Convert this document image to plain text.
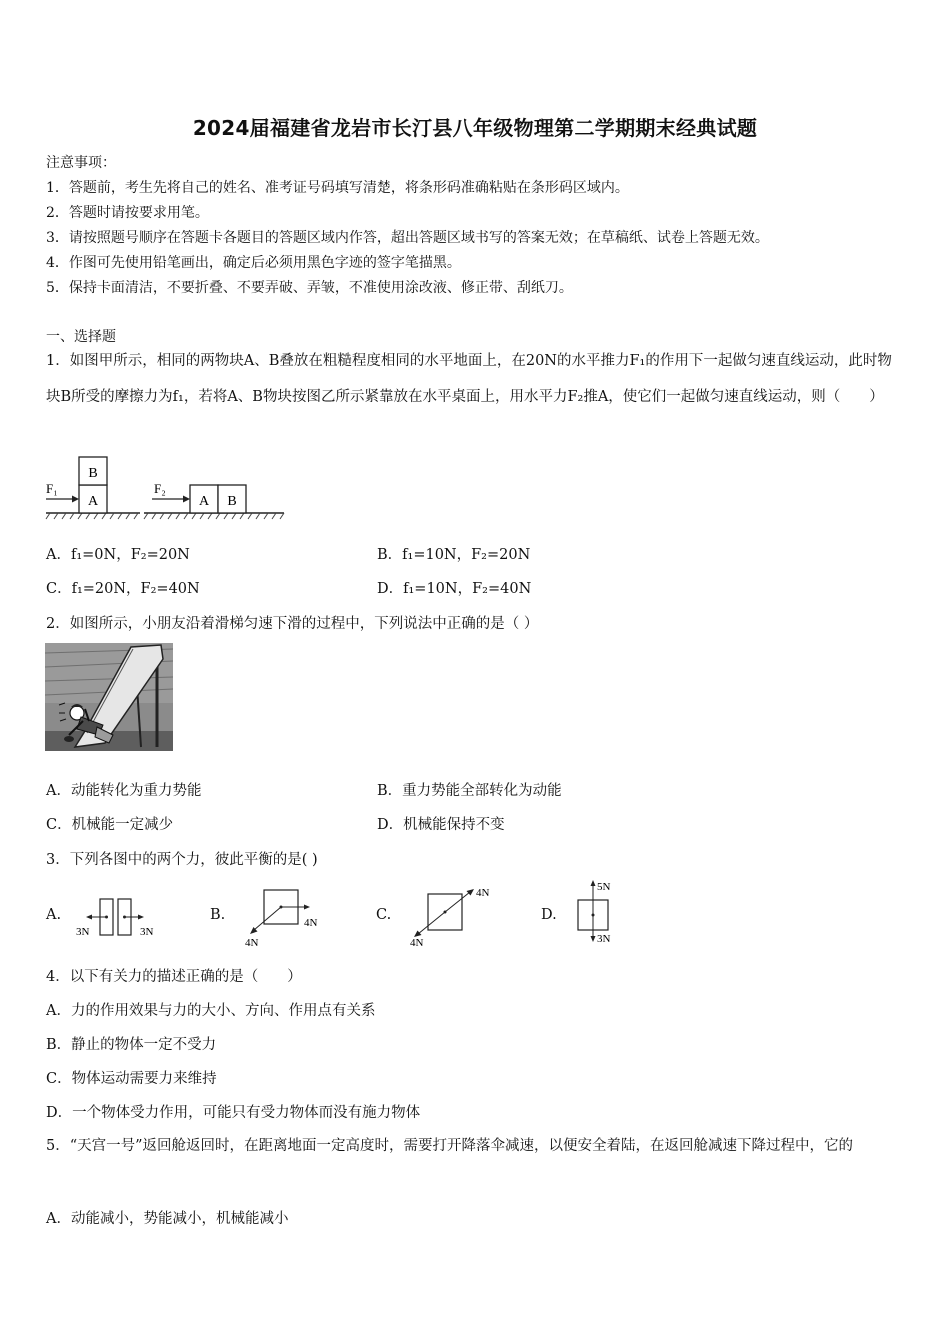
2024届福建省龙岩市长汀县八年级物理第二学期期末经典试题
注意事项：
1．答题前，考生先将自己的姓名、准考证号码填写清楚，将条形码准确粘贴在条形码区域内。
2．答题时请按要求用笔。
3．请按照题号顺序在答题卡各题目的答题区域内作答，超出答题区域书写的答案无效；在草稿纸、试卷上答题无效。
4．作图可先使用铅笔画出，确定后必须用黑色字迹的签字笔描黑。
5．保持卡面清洁，不要折叠、不要弄破、弄皱，不准使用涂改液、修正带、刮纸刀。
一、选择题
1．如图甲所示，相同的两物块A、B叠放在粗糙程度相同的水平地面上，在20N的水平推力F₁的作用下一起做匀速直线运动，此时物块B所受的摩擦力为f₁，若将A、B物块按图乙所示紧靠放在水平桌面上，用水平力F₂推A，使它们一起做匀速直线运动，则（　　）
A
B
F₁
A B
F₂
A．f₁=0N，F₂=20N	B．f₁=10N，F₂=20N
C．f₁=20N，F₂=40N	D．f₁=10N，F₂=40N
2．如图所示，小朋友沿着滑梯匀速下滑的过程中，下列说法中正确的是（ ）
A．动能转化为重力势能	B．重力势能全部转化为动能
C．机械能一定减少	D．机械能保持不变
3．下列各图中的两个力，彼此平衡的是( )
A.
3N	3N
B.
4N
4N	C.
4N
4N
D.
5N
3N
4．以下有关力的描述正确的是（　　）
A．力的作用效果与力的大小、方向、作用点有关系
B．静止的物体一定不受力
C．物体运动需要力来维持
D．一个物体受力作用，可能只有受力物体而没有施力物体
5．“天宫一号”返回舱返回时，在距离地面一定高度时，需要打开降落伞减速，以便安全着陆，在返回舱减速下降过程中，它的
A．动能减小，势能减小，机械能减小
